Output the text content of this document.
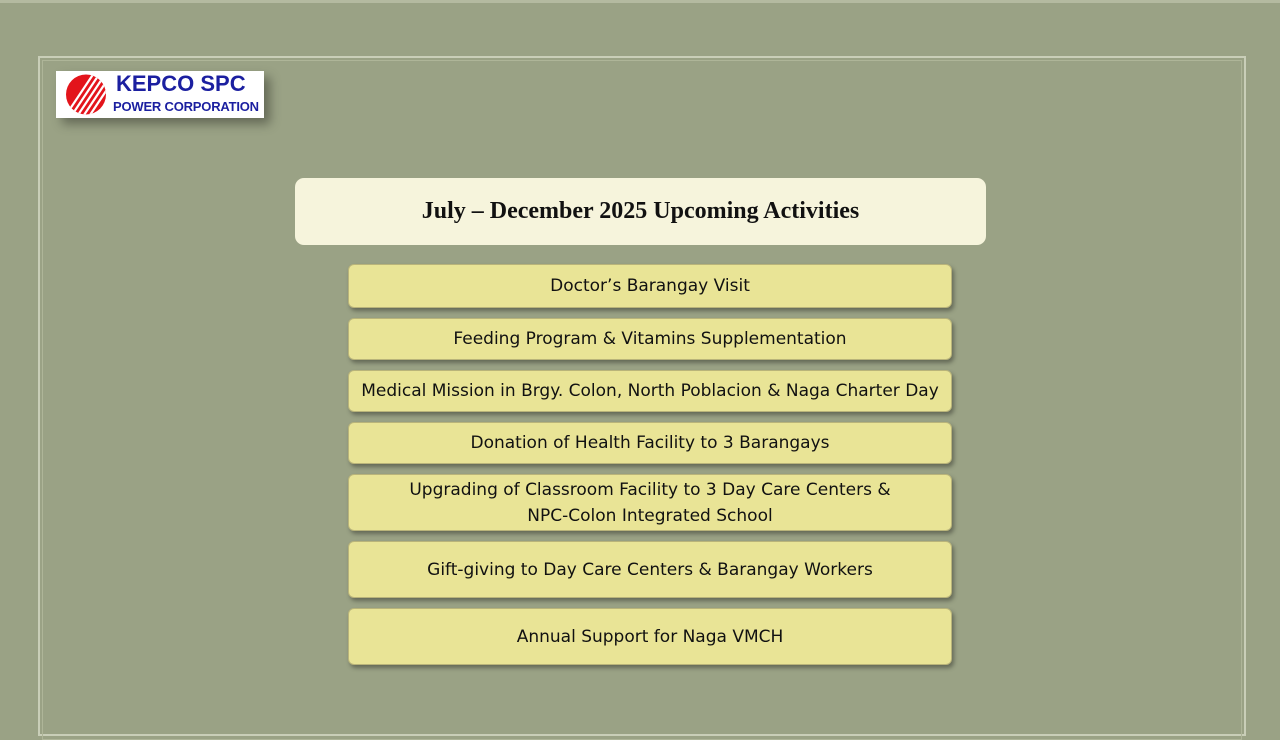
KEPCO SPC
POWER CORPORATION
July – December 2025 Upcoming Activities
Doctor’s Barangay Visit
Feeding Program & Vitamins Supplementation
Medical Mission in Brgy. Colon, North Poblacion & Naga Charter Day
Donation of Health Facility to 3 Barangays
Upgrading of Classroom Facility to 3 Day Care Centers & NPC-Colon Integrated School
Gift-giving to Day Care Centers & Barangay Workers
Annual Support for Naga VMCH
